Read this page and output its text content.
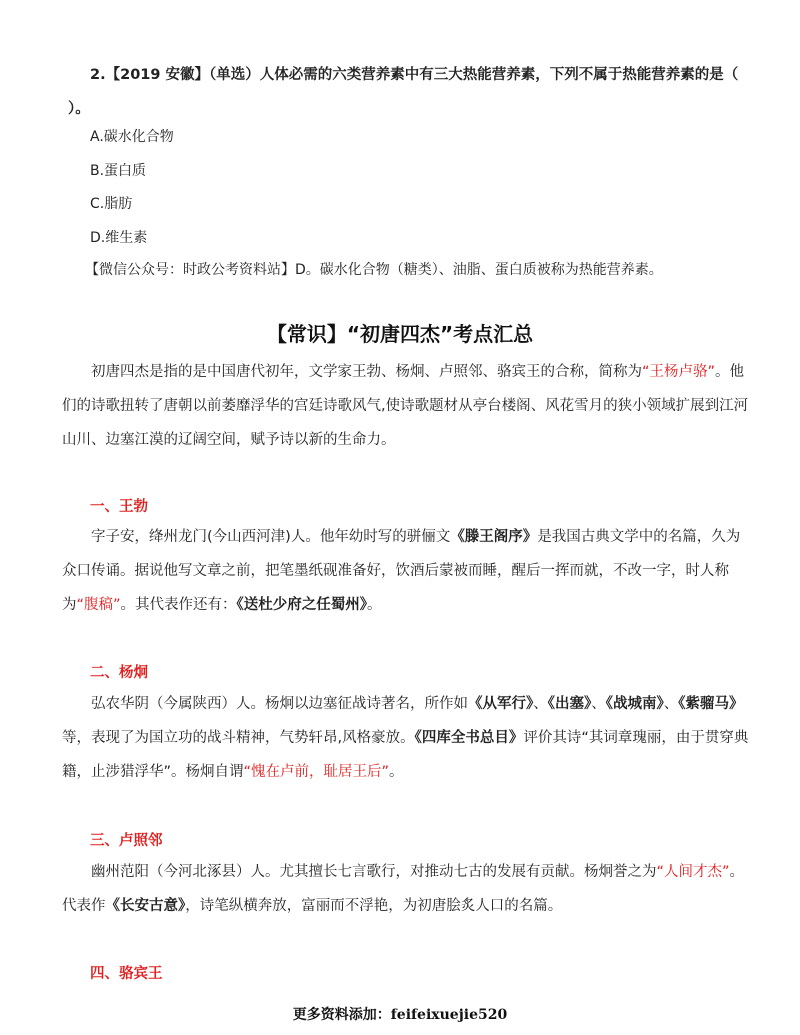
2.【2019 安徽】（单选）人体必需的六类营养素中有三大热能营养素，下列不属于热能营养素的是（ ）。
A.碳水化合物
B.蛋白质
C.脂肪
D.维生素
【微信公众号：时政公考资料站】D。碳水化合物（糖类）、油脂、蛋白质被称为热能营养素。
【常识】“初唐四杰”考点汇总
初唐四杰是指的是中国唐代初年，文学家王勃、杨炯、卢照邻、骆宾王的合称，简称为“王杨卢骆”。他们的诗歌扭转了唐朝以前萎靡浮华的宫廷诗歌风气,使诗歌题材从亭台楼阁、风花雪月的狭小领域扩展到江河山川、边塞江漠的辽阔空间，赋予诗以新的生命力。
一、王勃
字子安，绛州龙门(今山西河津)人。他年幼时写的骈俪文《滕王阁序》是我国古典文学中的名篇，久为众口传诵。据说他写文章之前，把笔墨纸砚准备好，饮酒后蒙被而睡，醒后一挥而就，不改一字，时人称为“腹稿”。其代表作还有：《送杜少府之任蜀州》。
二、杨炯
弘农华阴（今属陕西）人。杨炯以边塞征战诗著名，所作如《从军行》、《出塞》、《战城南》、《紫骝马》等，表现了为国立功的战斗精神，气势轩昂,风格豪放。《四库全书总目》评价其诗“其词章瑰丽，由于贯穿典籍，止涉猎浮华”。杨炯自谓“愧在卢前，耻居王后”。
三、卢照邻
幽州范阳（今河北涿县）人。尤其擅长七言歌行，对推动七古的发展有贡献。杨炯誉之为“人间才杰”。代表作《长安古意》，诗笔纵横奔放，富丽而不浮艳，为初唐脍炙人口的名篇。
四、骆宾王
更多资料添加：feifeixuejie520
